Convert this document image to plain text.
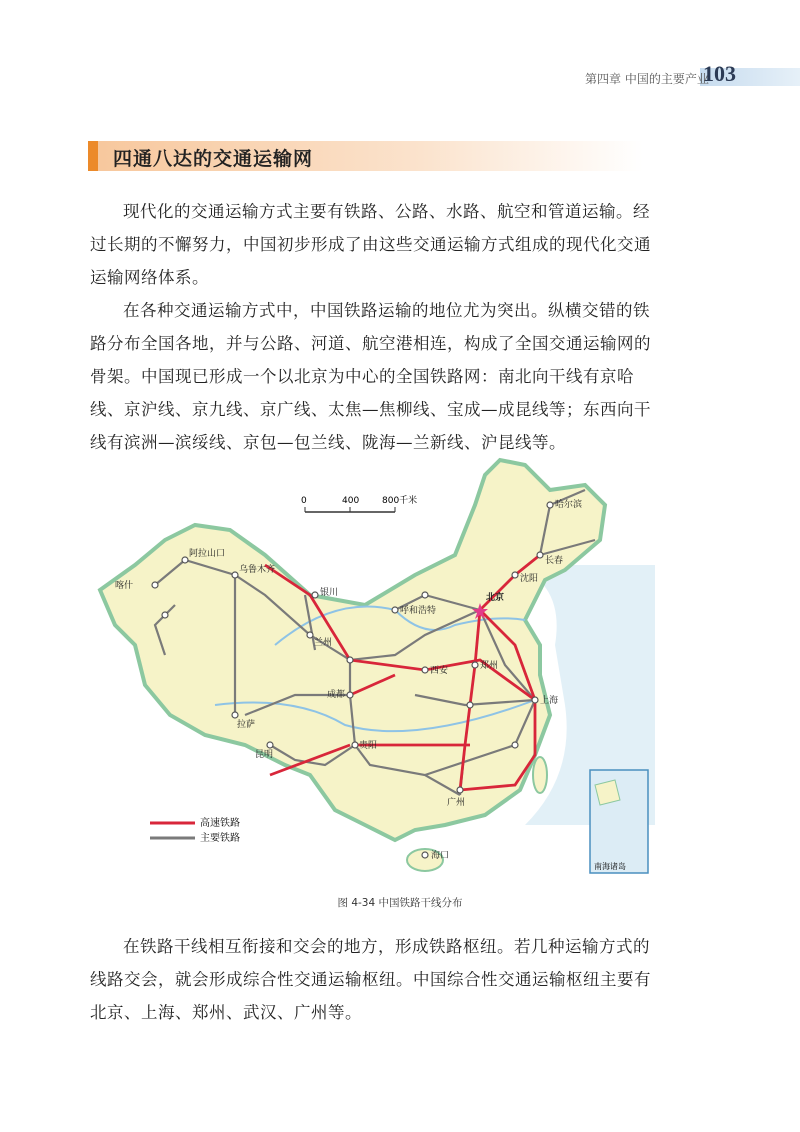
第四章 中国的主要产业
103
四通八达的交通运输网

现代化的交通运输方式主要有铁路、公路、水路、航空和管道运输。经过长期的不懈努力，中国初步形成了由这些交通运输方式组成的现代化交通运输网络体系。

在各种交通运输方式中，中国铁路运输的地位尤为突出。纵横交错的铁路分布全国各地，并与公路、河道、航空港相连，构成了全国交通运输网的骨架。中国现已形成一个以北京为中心的全国铁路网：南北向干线有京哈线、京沪线、京九线、京广线、太焦—焦柳线、宝成—成昆线等；东西向干线有滨洲—滨绥线、京包—包兰线、陇海—兰新线、沪昆线等。

乌鲁木齐
喀什
阿拉山口
拉萨
兰州
银川	北京
长春
哈尔滨
沈阳
西安	郑州
成都
贵阳
昆明
上海
广州
海口
呼和浩特
0	400	800千米
高速铁路
主要铁路
南海诸岛
图 4-34 中国铁路干线分布

在铁路干线相互衔接和交会的地方，形成铁路枢纽。若几种运输方式的线路交会，就会形成综合性交通运输枢纽。中国综合性交通运输枢纽主要有北京、上海、郑州、武汉、广州等。
